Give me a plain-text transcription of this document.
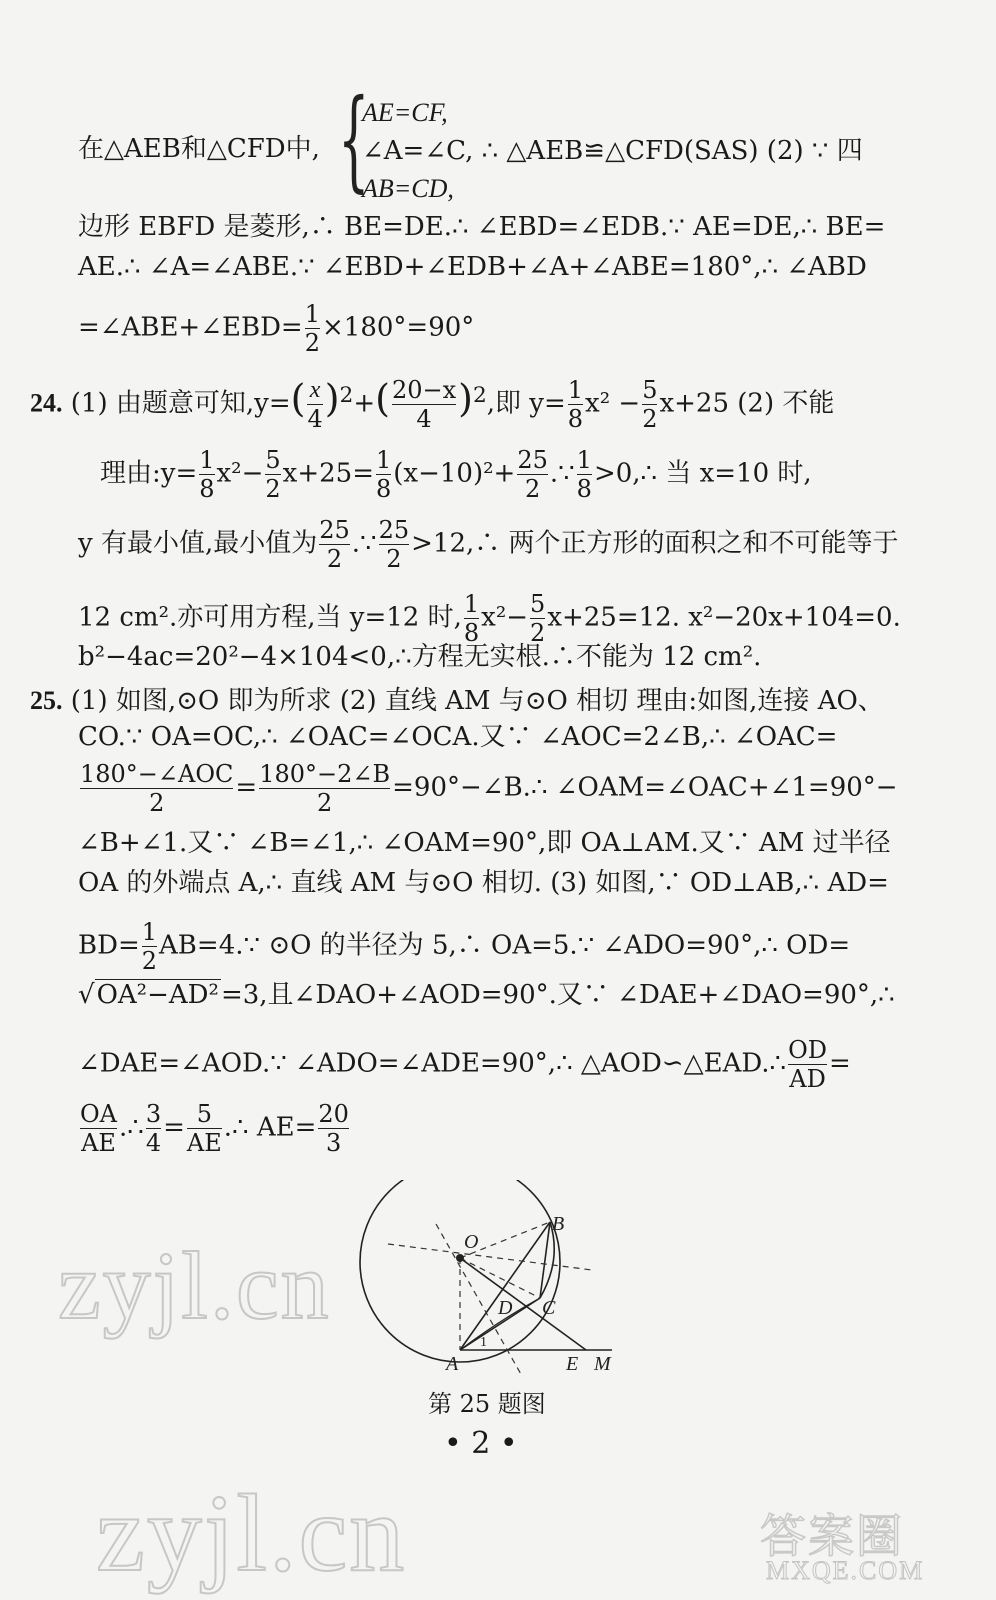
在△AEB和△CFD中, {
AE=CF,
∠A=∠C, ∴ △AEB≌△CFD(SAS) (2) ∵ 四
AB=CD,
边形 EBFD 是菱形,∴ BE=DE.∴ ∠EBD=∠EDB.∵ AE=DE,∴ BE=
AE.∴ ∠A=∠ABE.∵ ∠EBD+∠EDB+∠A+∠ABE=180°,∴ ∠ABD
=∠ABE+∠EBD= $\frac{1}{2} \times 180^\circ=90^\circ$
24. (1) 由题意可知$,y=( \frac{x}{4} )^2+( \frac{20-x}{4} )^2$,即 $y= \frac{1}{8} x^2 - \frac{5}{2} x+25$ (2) 不能
理由:y= $\frac{1}{8} x^2- \frac{5}{2} x+25= \frac{1}{8} (x-10)^2+ \frac{25}{2}$ .∵ $\frac{1}{8}$ >0,∴ 当 x=10 时,
y 有最小值,最小值为 $\frac{25}{2}$ .∵ $\frac{25}{2}$ >12,∴ 两个正方形的面积之和不可能等于
12 cm².亦可用方程,当 y=12 时, $\frac{1}{8} x^2- \frac{5}{2} x+25=12$. x²−20x+104=0.
b²−4ac=20²−4×104<0,∴方程无实根.∴不能为 12 cm².
25. (1) 如图,⊙O 即为所求 (2) 直线 AM 与⊙O 相切 理由:如图,连接 AO、
CO.∵ OA=OC,∴ ∠OAC=∠OCA.又∵ ∠AOC=2∠B,∴ ∠OAC=
$\frac{\text{180°−∠AOC}}{2} = \frac{180^\circ-2\angle B}{2}$ =90°−∠B.∴ ∠OAM=∠OAC+∠1=90°−
∠B+∠1.又∵ ∠B=∠1,∴ ∠OAM=90°,即 OA⊥AM.又∵ AM 过半径
OA 的外端点 A,∴ 直线 AM 与⊙O 相切. (3) 如图,∵ OD⊥AB,∴ AD=
$BD= \frac{1}{2}$ AB=4.∵ ⊙O 的半径为 5,∴ OA=5.∵ ∠ADO=90°,∴ OD=
√OA²−AD²=3,且∠DAO+∠AOD=90°.又∵ ∠DAE+∠DAO=90°,∴
∠DAE=∠AOD.∵ ∠ADO=∠ADE=90°,∴ △AOD∽△EAD.∴ $\frac{OD}{AD}$ =
$\frac{OA}{AE}$ .∴ $\frac{3}{4} = \frac{5}{AE}$ .∴ $AE= \frac{20}{3}$
zyjl.cn	O
B
C
D
A	E M
1
第 25 题图
• 2 •
zyjl.cn	答案圈
MXQE.COM
